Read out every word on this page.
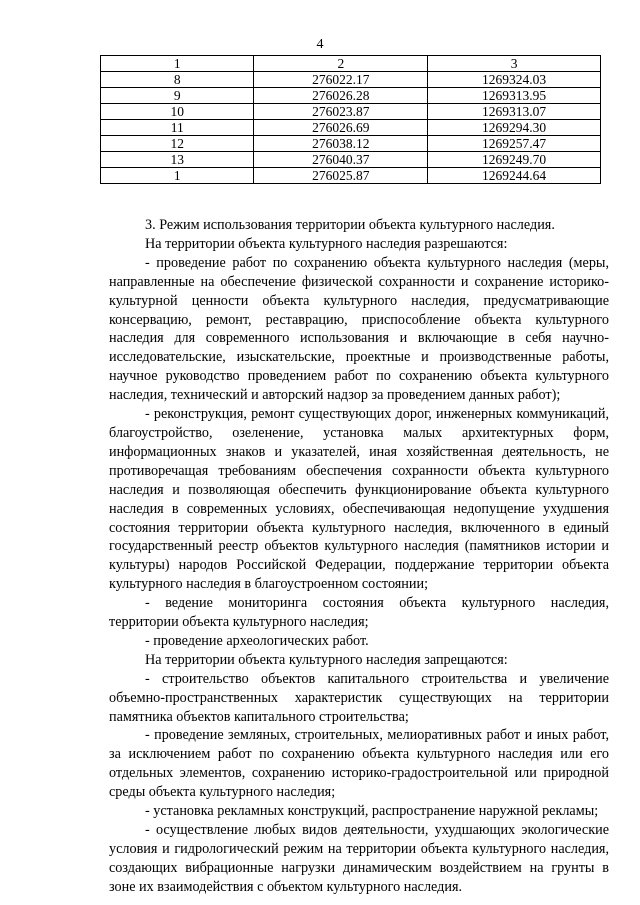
4
1	2	3
8	276022.17	1269324.03
9	276026.28	1269313.95
10	276023.87	1269313.07
11	276026.69	1269294.30
12	276038.12	1269257.47
13	276040.37	1269249.70
1	276025.87	1269244.64

3. Режим использования территории объекта культурного наследия.

На территории объекта культурного наследия разрешаются:

- проведение работ по сохранению объекта культурного наследия (меры, направленные на обеспечение физической сохранности и сохранение историко-культурной ценности объекта культурного наследия, предусматривающие консервацию, ремонт, реставрацию, приспособление объекта культурного наследия для современного использования и включающие в себя научно-исследовательские, изыскательские, проектные и производственные работы, научное руководство проведением работ по сохранению объекта культурного наследия, технический и авторский надзор за проведением данных работ);

- реконструкция, ремонт существующих дорог, инженерных коммуникаций, благоустройство, озеленение, установка малых архитектурных форм, информационных знаков и указателей, иная хозяйственная деятельность, не противоречащая требованиям обеспечения сохранности объекта культурного наследия и позволяющая обеспечить функционирование объекта культурного наследия в современных условиях, обеспечивающая недопущение ухудшения состояния территории объекта культурного наследия, включенного в единый государственный реестр объектов культурного наследия (памятников истории и культуры) народов Российской Федерации, поддержание территории объекта культурного наследия в благоустроенном состоянии;

- ведение мониторинга состояния объекта культурного наследия, территории объекта культурного наследия;

- проведение археологических работ.

На территории объекта культурного наследия запрещаются:

- строительство объектов капитального строительства и увеличение объемно-пространственных характеристик существующих на территории памятника объектов капитального строительства;

- проведение земляных, строительных, мелиоративных работ и иных работ, за исключением работ по сохранению объекта культурного наследия или его отдельных элементов, сохранению историко-градостроительной или природной среды объекта культурного наследия;

- установка рекламных конструкций, распространение наружной рекламы;

- осуществление любых видов деятельности, ухудшающих экологические условия и гидрологический режим на территории объекта культурного наследия, создающих вибрационные нагрузки динамическим воздействием на грунты в зоне их взаимодействия с объектом культурного наследия.
